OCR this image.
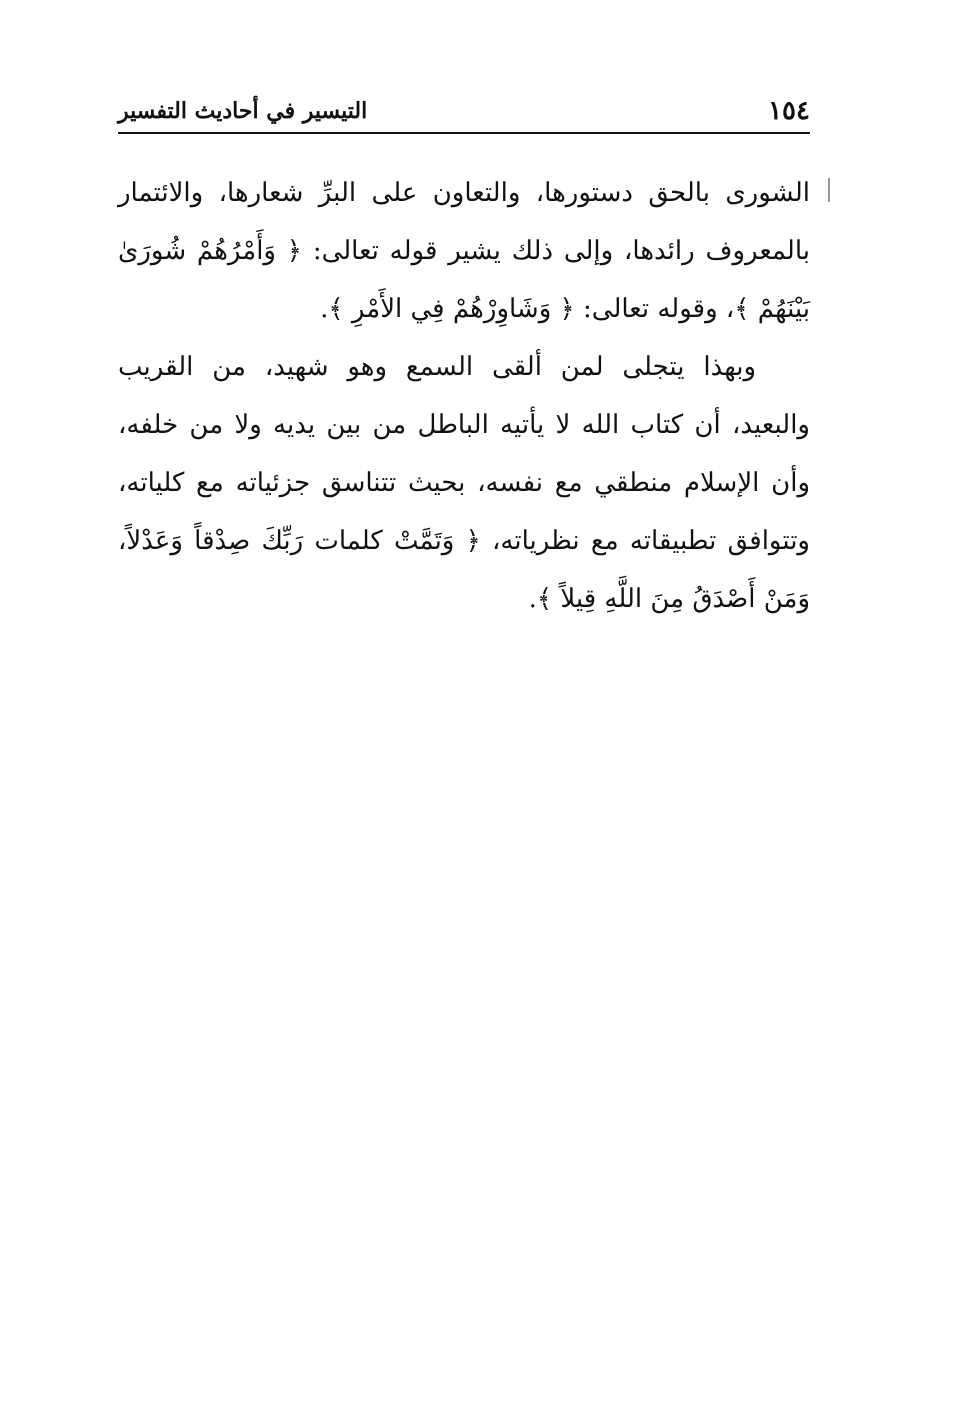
١٥٤
التيسير في أحاديث التفسير

الشورى بالحق دستورها، والتعاون على البرِّ شعارها، والائتمار بالمعروف رائدها، وإلى ذلك يشير قوله تعالى: ﴿ وَأَمْرُهُمْ شُورَىٰ بَيْنَهُمْ ﴾، وقوله تعالى: ﴿ وَشَاوِرْهُمْ فِي الأَمْرِ ﴾.

وبهذا يتجلى لمن ألقى السمع وهو شهيد، من القريب والبعيد، أن كتاب الله لا يأتيه الباطل من بين يديه ولا من خلفه، وأن الإسلام منطقي مع نفسه، بحيث تتناسق جزئياته مع كلياته، وتتوافق تطبيقاته مع نظرياته، ﴿ وَتَمَّتْ كلمات رَبِّكَ صِدْقاً وَعَدْلاً، وَمَنْ أَصْدَقُ مِنَ اللَّهِ قِيلاً ﴾.
